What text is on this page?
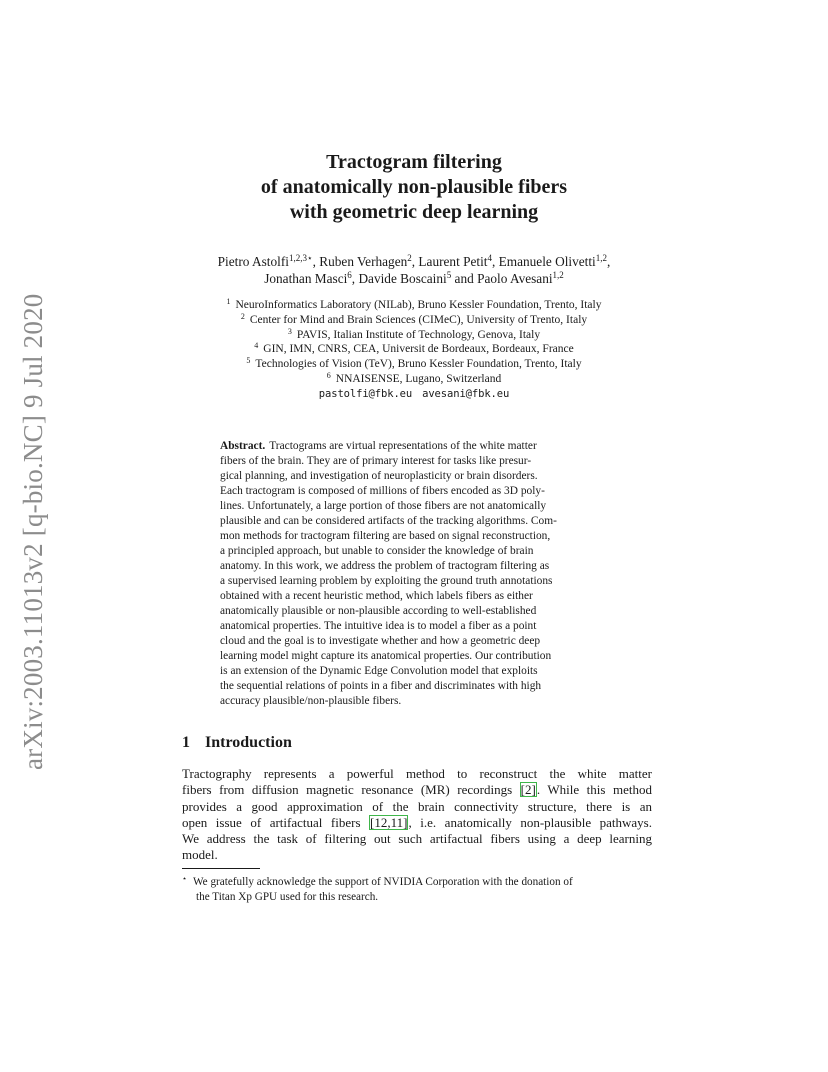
arXiv:2003.11013v2 [q-bio.NC] 9 Jul 2020
Tractogram filtering
of anatomically non-plausible fibers
with geometric deep learning
Pietro Astolfi$^{1,2,3⋆}$, Ruben Verhagen$^2$, Laurent Petit$^4$, Emanuele Olivetti$^{1,2}$,
Jonathan Masci$^6$, Davide Boscaini$^5$ and Paolo Avesani$^{1,2}$
$^1$ NeuroInformatics Laboratory (NILab), Bruno Kessler Foundation, Trento, Italy
$^2$ Center for Mind and Brain Sciences (CIMeC), University of Trento, Italy
$^3$ PAVIS, Italian Institute of Technology, Genova, Italy
$^4$ GIN, IMN, CNRS, CEA, Universit de Bordeaux, Bordeaux, France
$^5$ Technologies of Vision (TeV), Bruno Kessler Foundation, Trento, Italy
$^6$ NNAISENSE, Lugano, Switzerland
pastolfi@fbk.eu avesani@fbk.eu
Abstract. Tractograms are virtual representations of the white matter
fibers of the brain. They are of primary interest for tasks like presur-
gical planning, and investigation of neuroplasticity or brain disorders.
Each tractogram is composed of millions of fibers encoded as 3D poly-
lines. Unfortunately, a large portion of those fibers are not anatomically
plausible and can be considered artifacts of the tracking algorithms. Com-
mon methods for tractogram filtering are based on signal reconstruction,
a principled approach, but unable to consider the knowledge of brain
anatomy. In this work, we address the problem of tractogram filtering as
a supervised learning problem by exploiting the ground truth annotations
obtained with a recent heuristic method, which labels fibers as either
anatomically plausible or non-plausible according to well-established
anatomical properties. The intuitive idea is to model a fiber as a point
cloud and the goal is to investigate whether and how a geometric deep
learning model might capture its anatomical properties. Our contribution
is an extension of the Dynamic Edge Convolution model that exploits
the sequential relations of points in a fiber and discriminates with high
accuracy plausible/non-plausible fibers.
1 Introduction
Tractography represents a powerful method to reconstruct the white matter
fibers from diffusion magnetic resonance (MR) recordings [2]. While this method
provides a good approximation of the brain connectivity structure, there is an
open issue of artifactual fibers [12,11], i.e. anatomically non-plausible pathways.
We address the task of filtering out such artifactual fibers using a deep learning
model.
⋆ We gratefully acknowledge the support of NVIDIA Corporation with the donation of
the Titan Xp GPU used for this research.
